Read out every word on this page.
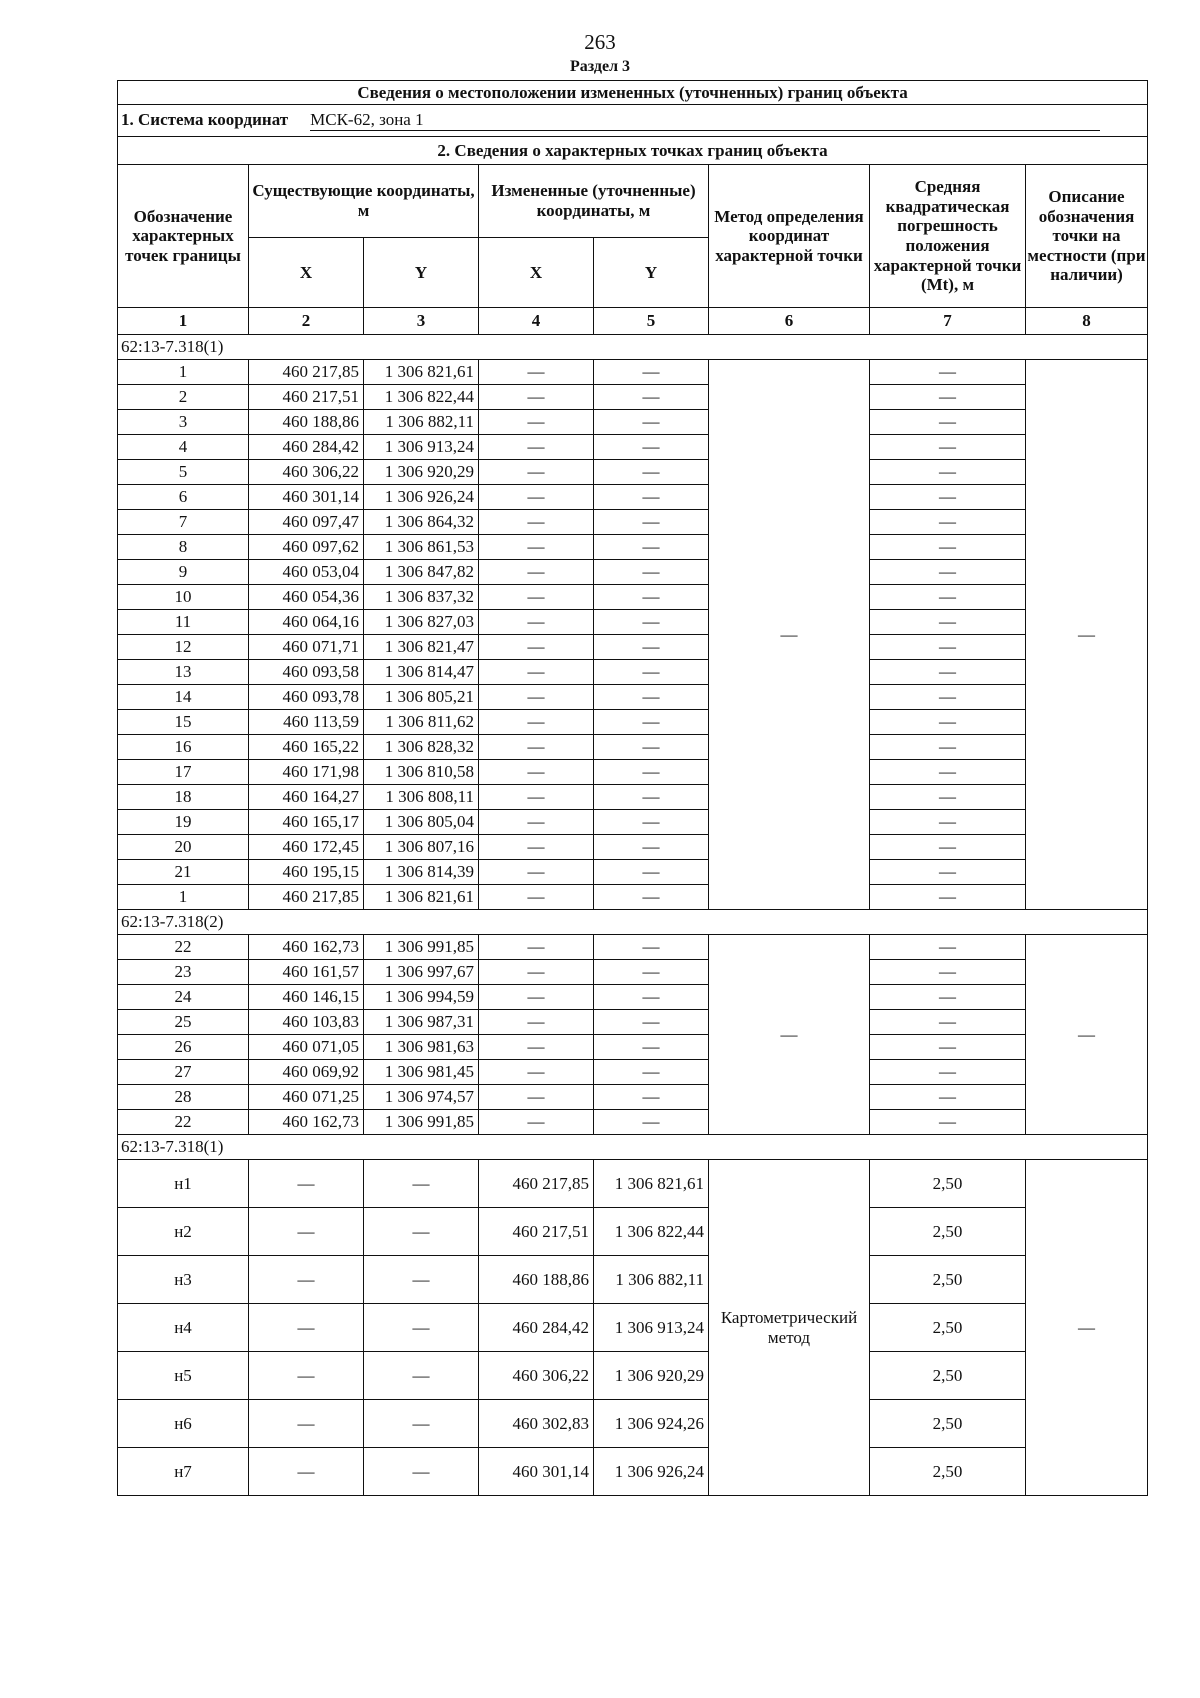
263
Раздел 3
Сведения о местоположении измененных (уточненных) границ объекта							
1. Система координат МСК-62, зона 1							
2. Сведения о характерных точках границ объекта							
Обозначение характерных точек границы	Существующие координаты, м		Измененные (уточненные) координаты, м		Метод определения координат характерной точки	Средняя квадратическая погрешность положения характерной точки (Mt), м	Описание обозначения точки на местности (при наличии)
	X	Y	X	Y			
1	2	3	4	5	6	7	8
62:13-7.318(1)							
1	460 217,85	1 306 821,61	—	—	—	—	—
2	460 217,51	1 306 822,44	—	—		—	
3	460 188,86	1 306 882,11	—	—		—	
4	460 284,42	1 306 913,24	—	—		—	
5	460 306,22	1 306 920,29	—	—		—	
6	460 301,14	1 306 926,24	—	—		—	
7	460 097,47	1 306 864,32	—	—		—	
8	460 097,62	1 306 861,53	—	—		—	
9	460 053,04	1 306 847,82	—	—		—	
10	460 054,36	1 306 837,32	—	—		—	
11	460 064,16	1 306 827,03	—	—		—	
12	460 071,71	1 306 821,47	—	—		—	
13	460 093,58	1 306 814,47	—	—		—	
14	460 093,78	1 306 805,21	—	—		—	
15	460 113,59	1 306 811,62	—	—		—	
16	460 165,22	1 306 828,32	—	—		—	
17	460 171,98	1 306 810,58	—	—		—	
18	460 164,27	1 306 808,11	—	—		—	
19	460 165,17	1 306 805,04	—	—		—	
20	460 172,45	1 306 807,16	—	—		—	
21	460 195,15	1 306 814,39	—	—		—	
1	460 217,85	1 306 821,61	—	—		—	
62:13-7.318(2)							
22	460 162,73	1 306 991,85	—	—	—	—	—
23	460 161,57	1 306 997,67	—	—		—	
24	460 146,15	1 306 994,59	—	—		—	
25	460 103,83	1 306 987,31	—	—		—	
26	460 071,05	1 306 981,63	—	—		—	
27	460 069,92	1 306 981,45	—	—		—	
28	460 071,25	1 306 974,57	—	—		—	
22	460 162,73	1 306 991,85	—	—		—	
62:13-7.318(1)							
н1	—	—	460 217,85	1 306 821,61	Картометрический метод	2,50	—
н2	—	—	460 217,51	1 306 822,44		2,50	
н3	—	—	460 188,86	1 306 882,11		2,50	
н4	—	—	460 284,42	1 306 913,24		2,50	
н5	—	—	460 306,22	1 306 920,29		2,50	
н6	—	—	460 302,83	1 306 924,26		2,50	
н7	—	—	460 301,14	1 306 926,24		2,50	
